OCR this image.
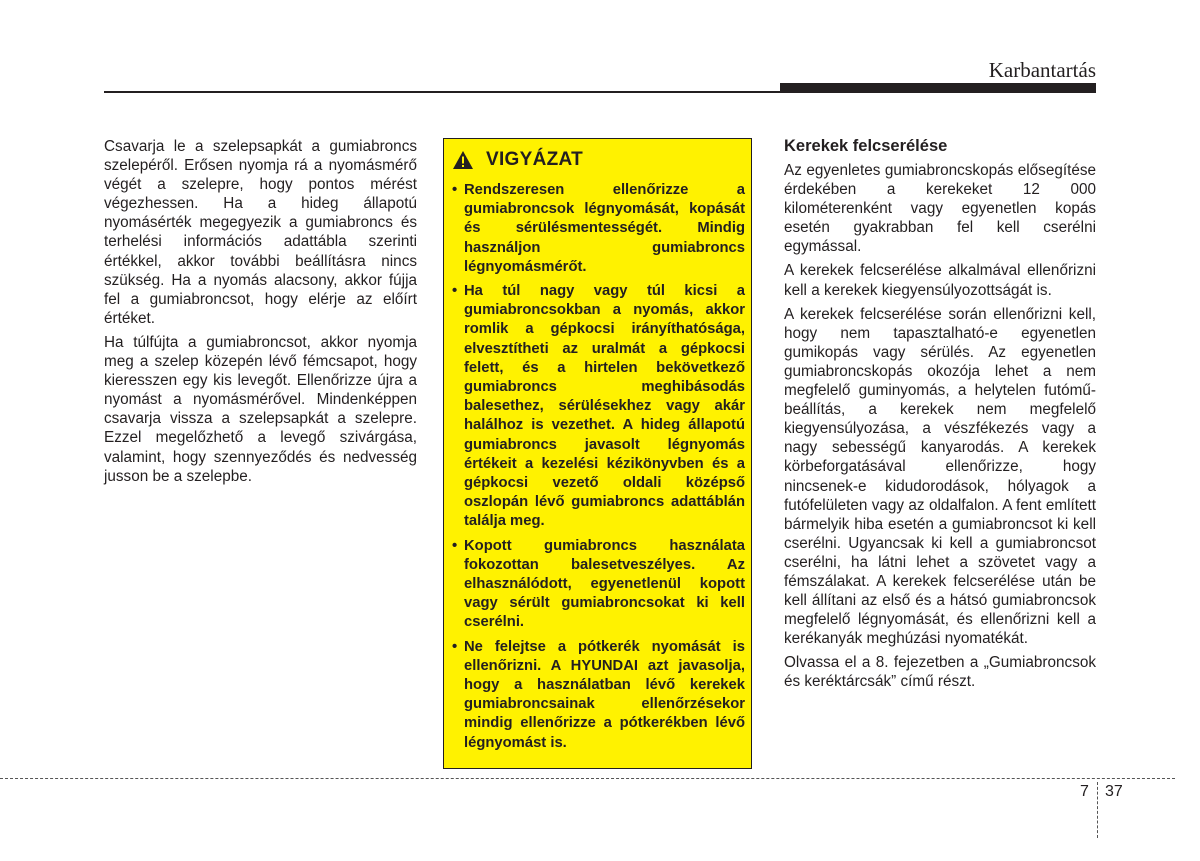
Karbantartás

Csavarja le a szelepsapkát a gumiabroncs szelepéről. Erősen nyomja rá a nyomásmérő végét a szelepre, hogy pontos mérést végezhessen. Ha a hideg állapotú nyomásérték megegyezik a gumiabroncs és terhelési információs adattábla szerinti értékkel, akkor további beállításra nincs szükség. Ha a nyomás alacsony, akkor fújja fel a gumiabroncsot, hogy elérje az előírt értéket.

Ha túlfújta a gumiabroncsot, akkor nyomja meg a szelep közepén lévő fémcsapot, hogy kieresszen egy kis levegőt. Ellenőrizze újra a nyomást a nyomásmérővel. Mindenképpen csavarja vissza a szelepsapkát a szelepre. Ezzel megelőzhető a levegő szivárgása, valamint, hogy szennyeződés és nedvesség jusson be a szelepbe.

VIGYÁZAT
• Rendszeresen ellenőrizze a gumiabroncsok légnyomását, kopását és sérülésmentességét. Mindig használjon gumiabroncs légnyomásmérőt.
• Ha túl nagy vagy túl kicsi a gumiabroncsokban a nyomás, akkor romlik a gépkocsi irányíthatósága, elvesztítheti az uralmát a gépkocsi felett, és a hirtelen bekövetkező gumiabroncs meghibásodás balesethez, sérülésekhez vagy akár halálhoz is vezethet. A hideg állapotú gumiabroncs javasolt légnyomás értékeit a kezelési kézikönyvben és a gépkocsi vezető oldali középső oszlopán lévő gumiabroncs adattáblán találja meg.
• Kopott gumiabroncs használata fokozottan balesetveszélyes. Az elhasználódott, egyenetlenül kopott vagy sérült gumiabroncsokat ki kell cserélni.
• Ne felejtse a pótkerék nyomását is ellenőrizni. A HYUNDAI azt javasolja, hogy a használatban lévő kerekek gumiabroncsainak ellenőrzésekor mindig ellenőrizze a pótkerékben lévő légnyomást is.
Kerekek felcserélése

Az egyenletes gumiabroncskopás elősegítése érdekében a kerekeket 12 000 kilométerenként vagy egyenetlen kopás esetén gyakrabban fel kell cserélni egymással.

A kerekek felcserélése alkalmával ellenőrizni kell a kerekek kiegyensúlyozottságát is.

A kerekek felcserélése során ellenőrizni kell, hogy nem tapasztalható-e egyenetlen gumikopás vagy sérülés. Az egyenetlen gumiabroncskopás okozója lehet a nem megfelelő guminyomás, a helytelen futómű-beállítás, a kerekek nem megfelelő kiegyensúlyozása, a vészfékezés vagy a nagy sebességű kanyarodás. A kerekek körbeforgatásával ellenőrizze, hogy nincsenek-e kidudorodások, hólyagok a futófelületen vagy az oldalfalon. A fent említett bármelyik hiba esetén a gumiabroncsot ki kell cserélni. Ugyancsak ki kell a gumiabroncsot cserélni, ha látni lehet a szövetet vagy a fémszálakat. A kerekek felcserélése után be kell állítani az első és a hátsó gumiabroncsok megfelelő légnyomását, és ellenőrizni kell a kerékanyák meghúzási nyomatékát.

Olvassa el a 8. fejezetben a „Gumiabroncsok és keréktárcsák” című részt.

7 37
